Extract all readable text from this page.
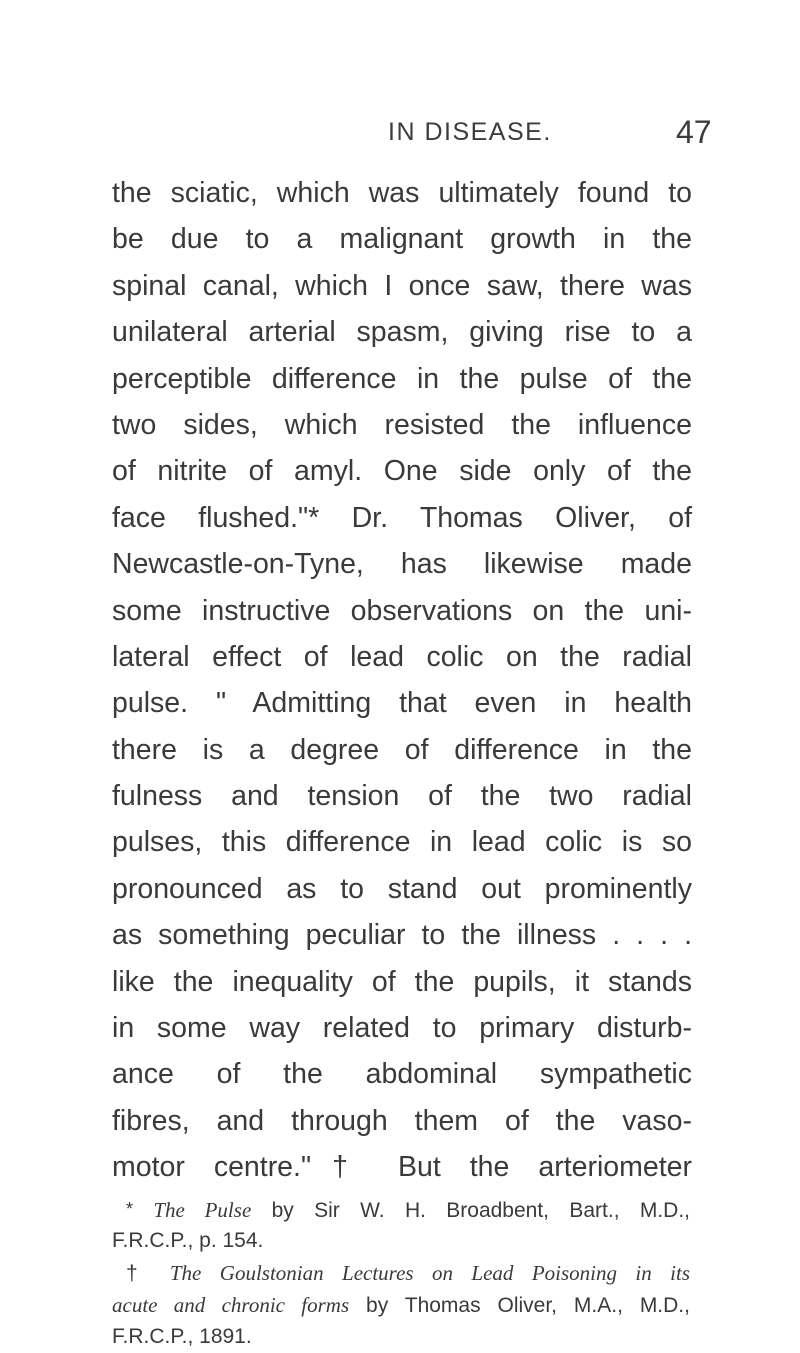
IN DISEASE.	47
the sciatic, which was ultimately found to
be due to a malignant growth in the
spinal canal, which I once saw, there was
unilateral arterial spasm, giving rise to a
perceptible difference in the pulse of the
two sides, which resisted the influence
of nitrite of amyl. One side only of the
face flushed."* Dr. Thomas Oliver, of
Newcastle-on-Tyne, has likewise made
some instructive observations on the uni-
lateral effect of lead colic on the radial
pulse. " Admitting that even in health
there is a degree of difference in the
fulness and tension of the two radial
pulses, this difference in lead colic is so
pronounced as to stand out prominently
as something peculiar to the illness . . . .
like the inequality of the pupils, it stands
in some way related to primary disturb-
ance of the abdominal sympathetic
fibres, and through them of the vaso-
motor centre."† But the arteriometer
* The Pulse by Sir W. H. Broadbent, Bart., M.D.,
F.R.C.P., p. 154.
† The Goulstonian Lectures on Lead Poisoning in its
acute and chronic forms by Thomas Oliver, M.A., M.D.,
F.R.C.P., 1891.
